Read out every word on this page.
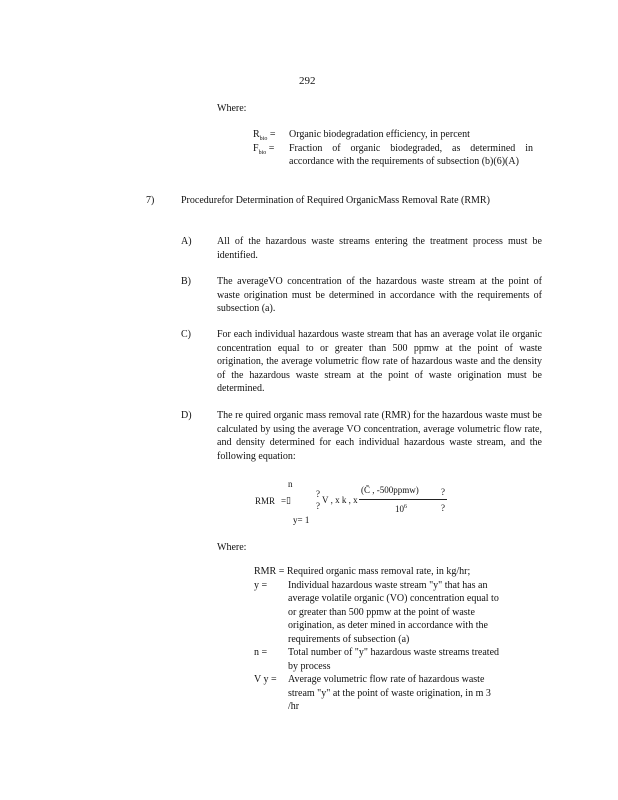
292
Where:
$R_{bio}$ =	Organic biodegradation efficiency, in percent
$F_{bio}$ =	Fraction of organic biodegraded, as determined in accordance with the requirements of subsection (b)(6)(A)
7)	Procedurefor Determination of Required OrganicMass Removal Rate (RMR)
A)	All of the hazardous waste streams entering the treatment process must be identified.
B)	The averageVO concentration of the hazardous waste stream at the point of waste origination must be determined in accordance with the requirements of subsection (a).
C)	For each individual hazardous waste stream that has an average volat ile organic concentration equal to or greater than 500 ppmw at the point of waste origination, the average volumetric flow rate of hazardous waste and the density of the hazardous waste stream at the point of waste origination must be determined.
D)	The re quired organic mass removal rate (RMR) for the hazardous waste must be calculated by using the average VO concentration, average volumetric flow rate, and density determined for each individual hazardous waste stream, and the following equation:
RMR =
n
▯
y= 1
?
?
V , x k , x
(C̄ , -500ppmw)
$10^6$
?
?
Where:
RMR = Required organic mass removal rate, in kg/hr;
y =	Individual hazardous waste stream "y" that has an average volatile organic (VO) concentration equal to or greater than 500 ppmw at the point of waste origination, as deter mined in accordance with the requirements of subsection (a)
n =	Total number of "y" hazardous waste streams treated by process
V y =	Average volumetric flow rate of hazardous waste stream "y" at the point of waste origination, in m 3 /hr
